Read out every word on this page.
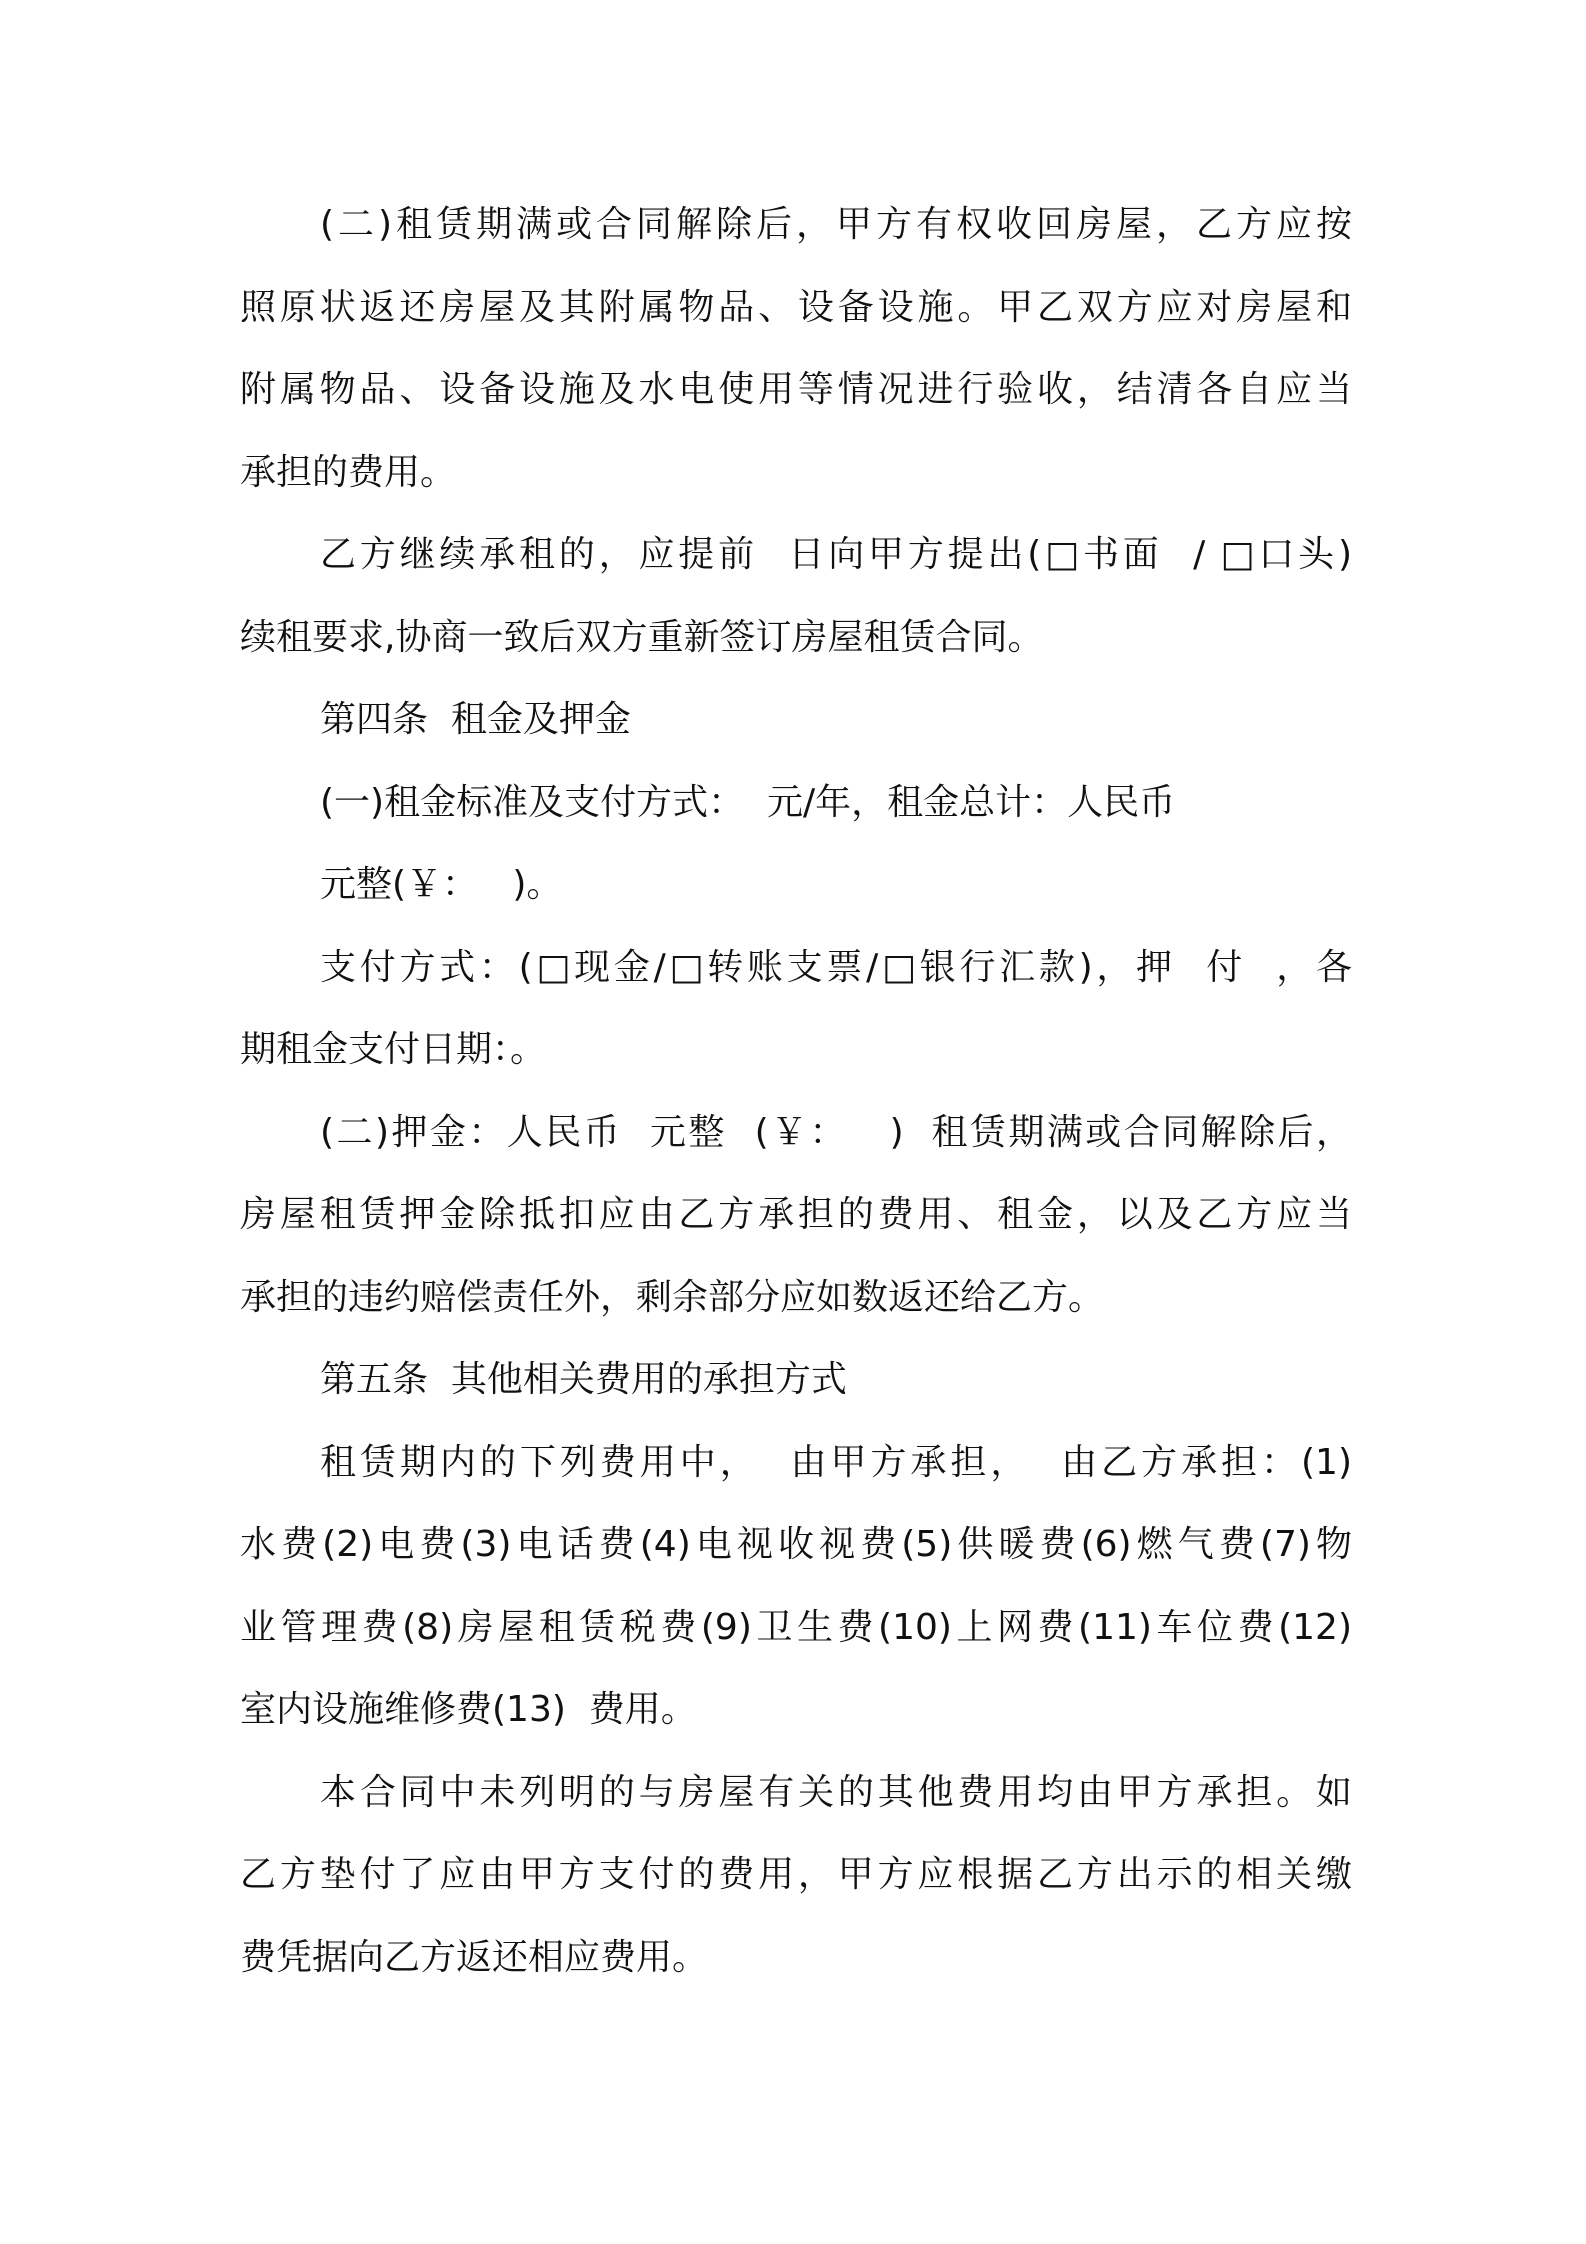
(二)租赁期满或合同解除后，甲方有权收回房屋，乙方应按
照原状返还房屋及其附属物品、设备设施。甲乙双方应对房屋和
附属物品、设备设施及水电使用等情况进行验收，结清各自应当
承担的费用。
乙方继续承租的，应提前  日向甲方提出(□书面  / □口头)
续租要求,协商一致后双方重新签订房屋租赁合同。
第四条  租金及押金
(一)租金标准及支付方式：  元/年，租金总计：人民币
元整(￥：   )。
支付方式：(□现金/□转账支票/□银行汇款)，押  付  ，各
期租金支付日期：。
(二)押金：人民币  元整  (￥：   )  租赁期满或合同解除后，
房屋租赁押金除抵扣应由乙方承担的费用、租金，以及乙方应当
承担的违约赔偿责任外，剩余部分应如数返还给乙方。
第五条  其他相关费用的承担方式
租赁期内的下列费用中，  由甲方承担，  由乙方承担：(1)
水费(2)电费(3)电话费(4)电视收视费(5)供暖费(6)燃气费(7)物
业管理费(8)房屋租赁税费(9)卫生费(10)上网费(11)车位费(12)
室内设施维修费(13)  费用。
本合同中未列明的与房屋有关的其他费用均由甲方承担。如
乙方垫付了应由甲方支付的费用，甲方应根据乙方出示的相关缴
费凭据向乙方返还相应费用。
